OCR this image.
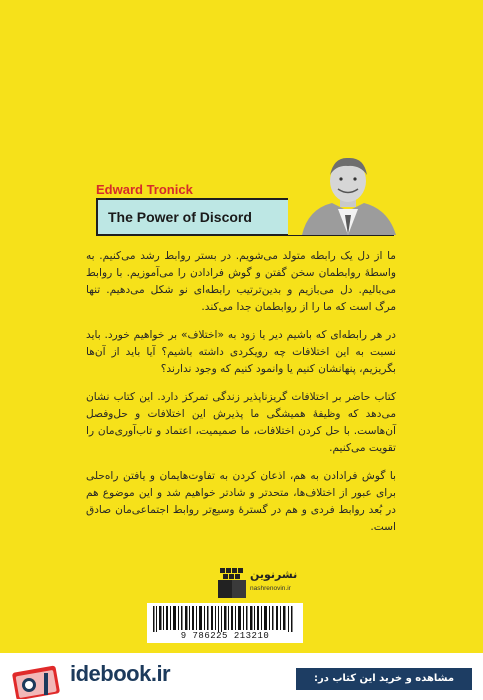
Edward Tronick
The Power of Discord

ما از دل یک رابطه متولد می‌شویم. در بستر روابط رشد می‌کنیم. به واسطهٔ روابطمان سخن گفتن و گوش فرادادن را می‌آموزیم. با روابط می‌بالیم. دل می‌بازیم و بدین‌ترتیب رابطه‌ای نو شکل می‌دهیم. تنها مرگ است که ما را از روابطمان جدا می‌کند.

در هر رابطه‌ای که باشیم دیر یا زود به «اختلاف» بر خواهیم خورد. باید نسبت به این اختلافات چه رویکردی داشته باشیم؟ آیا باید از آن‌ها بگریزیم، پنهانشان کنیم یا وانمود کنیم که وجود ندارند؟

کتاب حاضر بر اختلافات گریزناپذیر زندگی تمرکز دارد. این کتاب نشان می‌دهد که وظیفهٔ همیشگی ما پذیرش این اختلافات و حل‌وفصل آن‌هاست. با حل کردن اختلافات، ما صمیمیت، اعتماد و تاب‌آوری‌مان را تقویت می‌کنیم.

با گوش فرادادن به هم، اذعان کردن به تفاوت‌هایمان و یافتن راه‌حلی برای عبور از اختلاف‌ها، متحدتر و شادتر خواهیم شد و این موضوع هم در بُعد روابط فردی و هم در گستره‌ٔ وسیع‌تر روابط اجتماعی‌مان صادق است.

نشرنوین
nashrenovin.ir
9 786225 213210
idebook.ir	مشاهده و خرید این کتاب در:
